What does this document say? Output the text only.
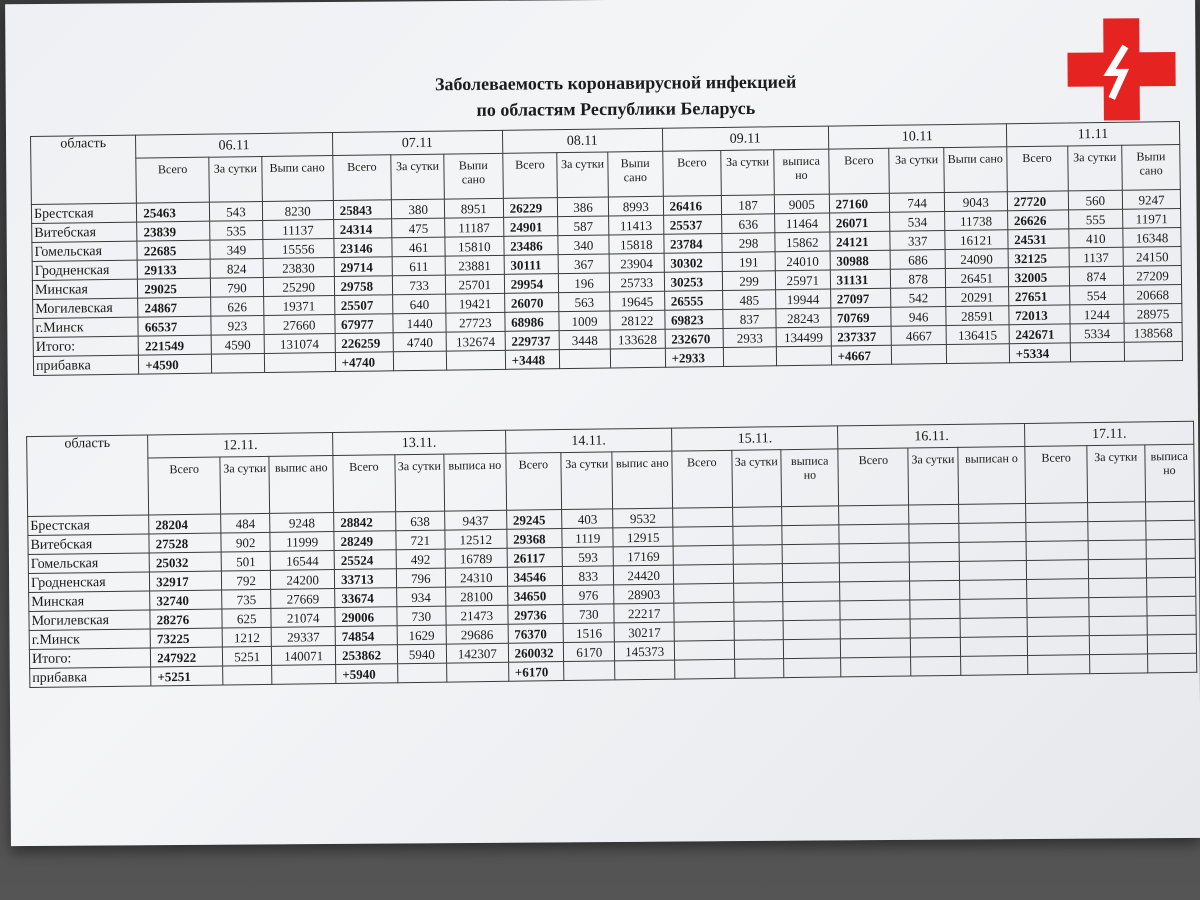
Заболеваемость коронавирусной инфекцией
по областям Республики Беларусь
область	06.11			07.11			08.11			09.11			10.11			11.11		
	Всего	За сутки	Выпи сано	Всего	За сутки	Выпи сано	Всего	За сутки	Выпи сано	Всего	За сутки	выписа но	Всего	За сутки	Выпи сано	Всего	За сутки	Выпи сано
Брестская	25463	543	8230	25843	380	8951	26229	386	8993	26416	187	9005	27160	744	9043	27720	560	9247
Витебская	23839	535	11137	24314	475	11187	24901	587	11413	25537	636	11464	26071	534	11738	26626	555	11971
Гомельская	22685	349	15556	23146	461	15810	23486	340	15818	23784	298	15862	24121	337	16121	24531	410	16348
Гродненская	29133	824	23830	29714	611	23881	30111	367	23904	30302	191	24010	30988	686	24090	32125	1137	24150
Минская	29025	790	25290	29758	733	25701	29954	196	25733	30253	299	25971	31131	878	26451	32005	874	27209
Могилевская	24867	626	19371	25507	640	19421	26070	563	19645	26555	485	19944	27097	542	20291	27651	554	20668
г.Минск	66537	923	27660	67977	1440	27723	68986	1009	28122	69823	837	28243	70769	946	28591	72013	1244	28975
Итого:	221549	4590	131074	226259	4740	132674	229737	3448	133628	232670	2933	134499	237337	4667	136415	242671	5334	138568
прибавка	+4590			+4740			+3448			+2933			+4667			+5334		
область	12.11.			13.11.			14.11.			15.11.			16.11.			17.11.		
	Всего	За сутки	выпис ано	Всего	За сутки	выписа но	Всего	За сутки	выпиc ано	Всего	За сутки	выписа но	Всего	За сутки	выписан о	Всего	За сутки	выписа но
Брестская	28204	484	9248	28842	638	9437	29245	403	9532									
Витебская	27528	902	11999	28249	721	12512	29368	1119	12915									
Гомельская	25032	501	16544	25524	492	16789	26117	593	17169									
Гродненская	32917	792	24200	33713	796	24310	34546	833	24420									
Минская	32740	735	27669	33674	934	28100	34650	976	28903									
Могилевская	28276	625	21074	29006	730	21473	29736	730	22217									
г.Минск	73225	1212	29337	74854	1629	29686	76370	1516	30217									
Итого:	247922	5251	140071	253862	5940	142307	260032	6170	145373									
прибавка	+5251			+5940			+6170											
